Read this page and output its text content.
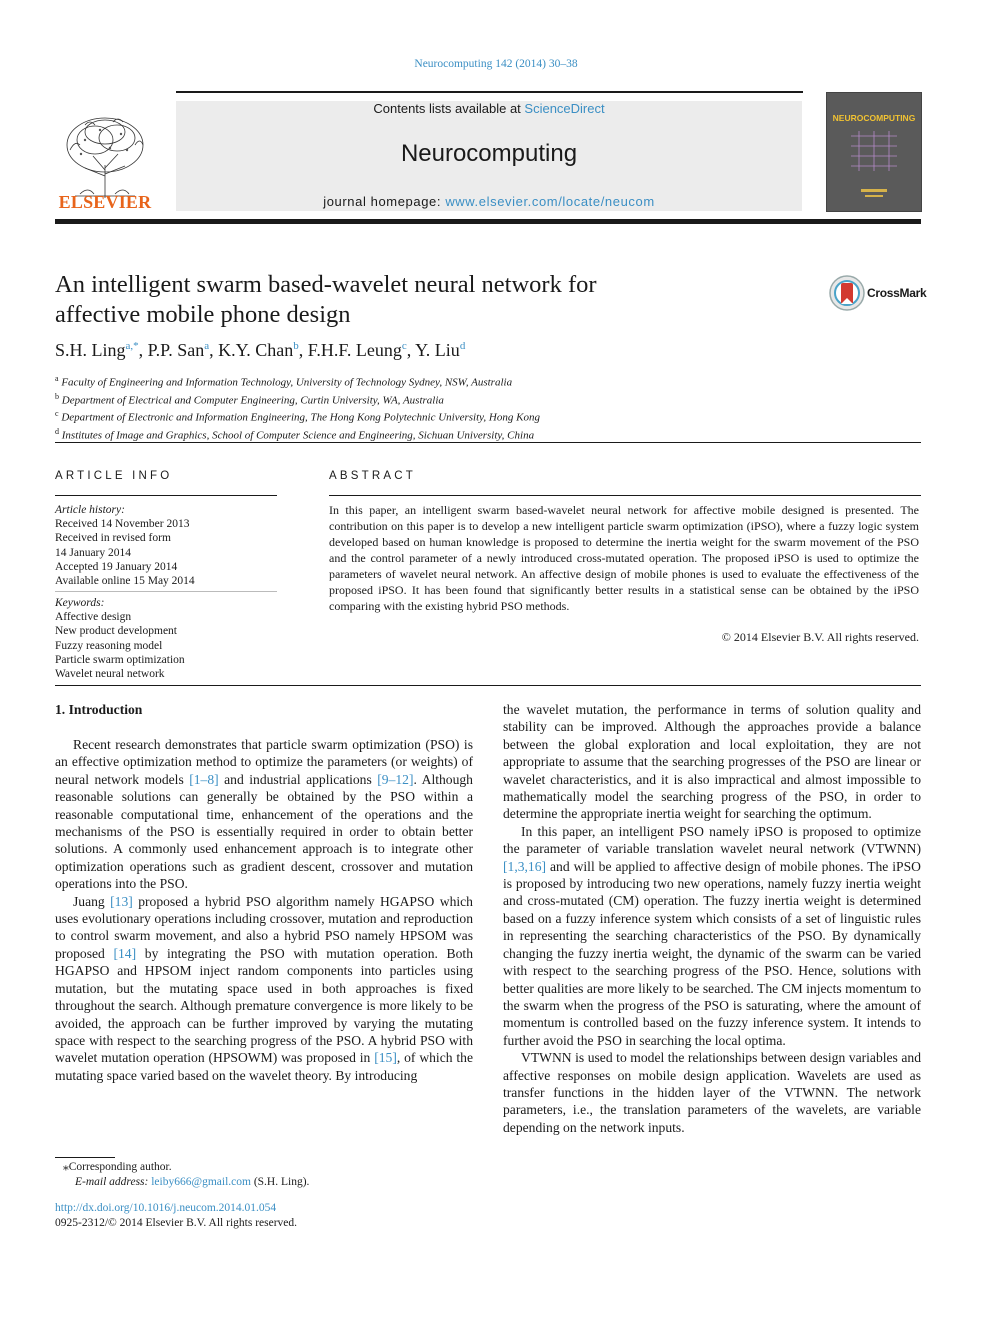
Neurocomputing 142 (2014) 30–38
ELSEVIER
Contents lists available at ScienceDirect
Neurocomputing
journal homepage: www.elsevier.com/locate/neucom
NEUROCOMPUTING
An intelligent swarm based-wavelet neural network for
affective mobile phone design
CrossMark
S.H. Ling$^{a,*}$, P.P. San$^a$, K.Y. Chan$^b$, F.H.F. Leung$^c$, Y. Liu$^d$
$^a$ Faculty of Engineering and Information Technology, University of Technology Sydney, NSW, Australia
$^b$ Department of Electrical and Computer Engineering, Curtin University, WA, Australia
$^c$ Department of Electronic and Information Engineering, The Hong Kong Polytechnic University, Hong Kong
$^d$ Institutes of Image and Graphics, School of Computer Science and Engineering, Sichuan University, China
ARTICLE INFO
Article history:
Received 14 November 2013
Received in revised form
14 January 2014
Accepted 19 January 2014
Available online 15 May 2014
Keywords:
Affective design
New product development
Fuzzy reasoning model
Particle swarm optimization
Wavelet neural network
ABSTRACT
In this paper, an intelligent swarm based-wavelet neural network for affective mobile designed is presented. The contribution on this paper is to develop a new intelligent particle swarm optimization (iPSO), where a fuzzy logic system developed based on human knowledge is proposed to determine the inertia weight for the swarm movement of the PSO and the control parameter of a newly introduced cross-mutated operation. The proposed iPSO is used to optimize the parameters of wavelet neural network. An affective design of mobile phones is used to evaluate the effectiveness of the proposed iPSO. It has been found that significantly better results in a statistical sense can be obtained by the iPSO comparing with the existing hybrid PSO methods.
© 2014 Elsevier B.V. All rights reserved.
1. Introduction

Recent research demonstrates that particle swarm optimization (PSO) is an effective optimization method to optimize the parameters (or weights) of neural network models [1–8] and industrial applications [9–12]. Although reasonable solutions can generally be obtained by the PSO within a reasonable computational time, enhancement of the operations and the mechanisms of the PSO is essentially required in order to obtain better solutions. A commonly used enhancement approach is to integrate other optimization operations such as gradient descent, crossover and mutation operations into the PSO.

Juang [13] proposed a hybrid PSO algorithm namely HGAPSO which uses evolutionary operations including crossover, mutation and reproduction to control swarm movement, and also a hybrid PSO namely HPSOM was proposed [14] by integrating the PSO with mutation operation. Both HGAPSO and HPSOM inject random components into particles using mutation, but the mutating space used in both approaches is fixed throughout the search. Although premature convergence is more likely to be avoided, the approach can be further improved by varying the mutating space with respect to the searching progress of the PSO. A hybrid PSO with wavelet mutation operation (HPSOWM) was proposed in [15], of which the mutating space varied based on the wavelet theory. By introducing

the wavelet mutation, the performance in terms of solution quality and stability can be improved. Although the approaches provide a balance between the global exploration and local exploitation, they are not appropriate to assume that the searching progresses of the PSO are linear or wavelet characteristics, and it is also impractical and almost impossible to mathematically model the searching progress of the PSO, in order to determine the appropriate inertia weight for searching the optimum.

In this paper, an intelligent PSO namely iPSO is proposed to optimize the parameter of variable translation wavelet neural network (VTWNN) [1,3,16] and will be applied to affective design of mobile phones. The iPSO is proposed by introducing two new operations, namely fuzzy inertia weight and cross-mutated (CM) operation. The fuzzy inertia weight is determined based on a fuzzy inference system which consists of a set of linguistic rules in representing the searching characteristics of the PSO. By dynamically changing the fuzzy inertia weight, the dynamic of the swarm can be varied with respect to the searching progress of the PSO. Hence, solutions with better qualities are more likely to be searched. The CM injects momentum to the swarm when the progress of the PSO is saturating, where the amount of momentum is controlled based on the fuzzy inference system. It intends to further avoid the PSO in searching the local optima.

VTWNN is used to model the relationships between design variables and affective responses on mobile design application. Wavelets are used as transfer functions in the hidden layer of the VTWNN. The network parameters, i.e., the translation parameters of the wavelets, are variable depending on the network inputs.

⁎Corresponding author.
E-mail address: leiby666@gmail.com (S.H. Ling).
http://dx.doi.org/10.1016/j.neucom.2014.01.054
0925-2312/© 2014 Elsevier B.V. All rights reserved.
